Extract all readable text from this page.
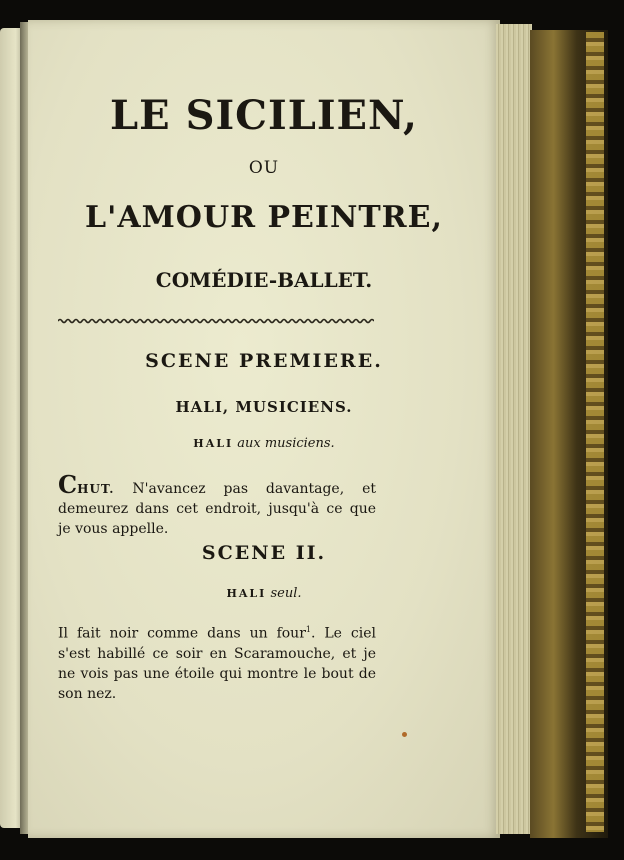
LE SICILIEN,
OU
L'AMOUR PEINTRE,
COMÉDIE-BALLET.
SCENE PREMIERE.
HALI, MUSICIENS.
HALI aux musiciens.
CHUT. N'avancez pas davantage, et demeurez dans cet endroit, jusqu'à ce que je vous appelle.
SCENE II.
HALI seul.
Il fait noir comme dans un four$^1$. Le ciel s'est habillé ce soir en Scaramouche, et je ne vois pas une étoile qui montre le bout de son nez.
